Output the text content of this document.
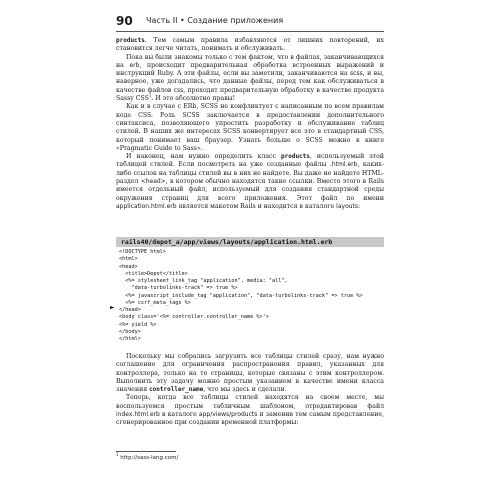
90 Часть II • Создание приложения

products. Тем самым правила избавляются от лишних повторений, их становится легче читать, понимать и обслуживать.

Пока вы были знакомы только с тем фактом, что в файлах, заканчивающихся на erb, происходит предварительная обработка встроенных выражений и инструкций Ruby. А эти файлы, если вы заметили, заканчиваются на scss, и вы, наверное, уже догадались, что данные файлы, перед тем как обслуживаться в качестве файлов css, проходят предварительную обработку в качестве продукта Sassy CSS$^1$. И это абсолютно правы!

Как и в случае с ERb, SCSS не конфликтует с написанным по всем правилам коде CSS. Роль SCSS заключается в предоставлении дополнительного синтаксиса, позволяющего упростить разработку и обслуживание таблиц стилей. В наших же интересах SCSS конвертирует все это в стандартный CSS, который понимает ваш браузер. Узнать больше о SCSS можно в книге «Pragmatic Guide to Sass».

И наконец, нам нужно определить класс products, используемый этой таблицей стилей. Если посмотреть на уже созданные файлы .html.erb, каких-либо ссылок на таблицы стилей вы в них не найдете. Вы даже не найдете HTML-раздел <head>, в котором обычно находятся такие ссылки. Вместо этого в Rails имеется отдельный файл, используемый для создания стандартной среды окружения страниц для всего приложения. Этот файл по имени application.html.erb является макетом Rails и находится в каталоге layouts:

rails40/depot_a/app/views/layouts/application.html.erb
<!DOCTYPE html>
<html>
<head>
<title>Depot</title>
<%= stylesheet_link_tag "application", media: "all",
"data-turbolinks-track" => true %>
<%= javascript_include_tag "application", "data-turbolinks-track" => true %>
<%= csrf_meta_tags %>
</head>
<body class='<%= controller.controller_name %>'>
<%= yield %>
</body>
</html>
►

Поскольку мы собрались загрузить все таблицы стилей сразу, нам нужно соглашение для ограничения распространения правил, указанных для контроллера, только на те страницы, которые связаны с этим контроллером. Выполнить эту задачу можно простым указанием в качестве имени класса значения controller_name, что мы здесь и сделали.

Теперь, когда все таблицы стилей находятся на своем месте, мы воспользуемся простым табличным шаблоном, отредактировав файл index.html.erb в каталоге app/views/products и заменив тем самым представление, сгенерированное при создании временной платформы:

$^1$ http://sass-lang.com/
